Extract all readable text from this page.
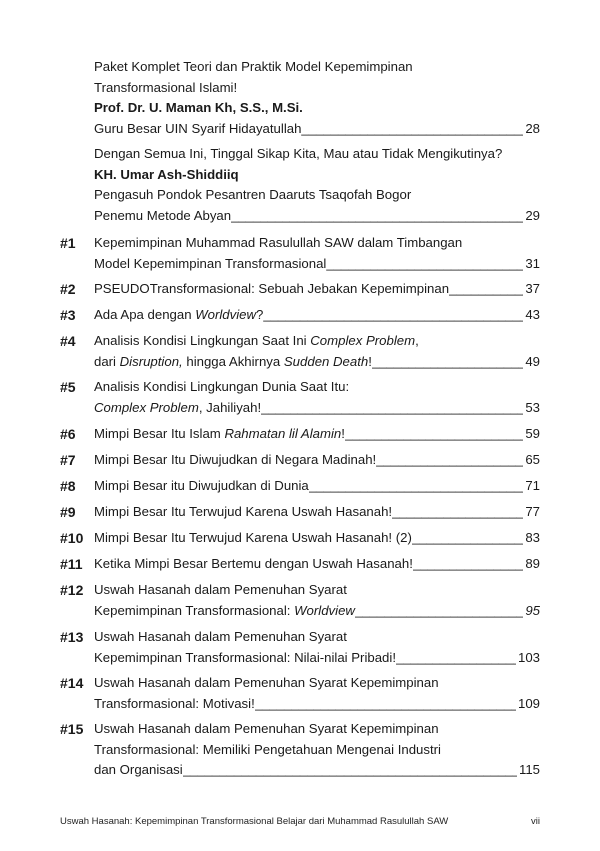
Paket Komplet Teori dan Praktik Model Kepemimpinan
Transformasional Islami!
Prof. Dr. U. Maman Kh, S.S., M.Si.
Guru Besar UIN Syarif Hidayatullah _____	28
Dengan Semua Ini, Tinggal Sikap Kita, Mau atau Tidak Mengikutinya?
KH. Umar Ash-Shiddiiq
Pengasuh Pondok Pesantren Daaruts Tsaqofah Bogor
Penemu Metode Abyan _____	29
#1 Kepemimpinan Muhammad Rasulullah SAW dalam Timbangan
Model Kepemimpinan Transformasional _____	31
#2 PSEUDOTransformasional: Sebuah Jebakan Kepemimpinan _____	37
#3 Ada Apa dengan Worldview? _____	43
#4 Analisis Kondisi Lingkungan Saat Ini Complex Problem,
dari Disruption, hingga Akhirnya Sudden Death! _____	49
#5 Analisis Kondisi Lingkungan Dunia Saat Itu:
Complex Problem, Jahiliyah! _____	53
#6 Mimpi Besar Itu Islam Rahmatan lil Alamin! _____	59
#7 Mimpi Besar Itu Diwujudkan di Negara Madinah! _____	65
#8 Mimpi Besar itu Diwujudkan di Dunia _____	71
#9 Mimpi Besar Itu Terwujud Karena Uswah Hasanah! _____	77
#10 Mimpi Besar Itu Terwujud Karena Uswah Hasanah! (2) _____	83
#11 Ketika Mimpi Besar Bertemu dengan Uswah Hasanah! _____	89
#12 Uswah Hasanah dalam Pemenuhan Syarat
Kepemimpinan Transformasional: Worldview _____	95
#13 Uswah Hasanah dalam Pemenuhan Syarat
Kepemimpinan Transformasional: Nilai-nilai Pribadi! _____	103
#14 Uswah Hasanah dalam Pemenuhan Syarat Kepemimpinan
Transformasional: Motivasi! _____	109
#15 Uswah Hasanah dalam Pemenuhan Syarat Kepemimpinan
Transformasional: Memiliki Pengetahuan Mengenai Industri
dan Organisasi _____	115
Uswah Hasanah: Kepemimpinan Transformasional Belajar dari Muhammad Rasulullah SAW	vii
